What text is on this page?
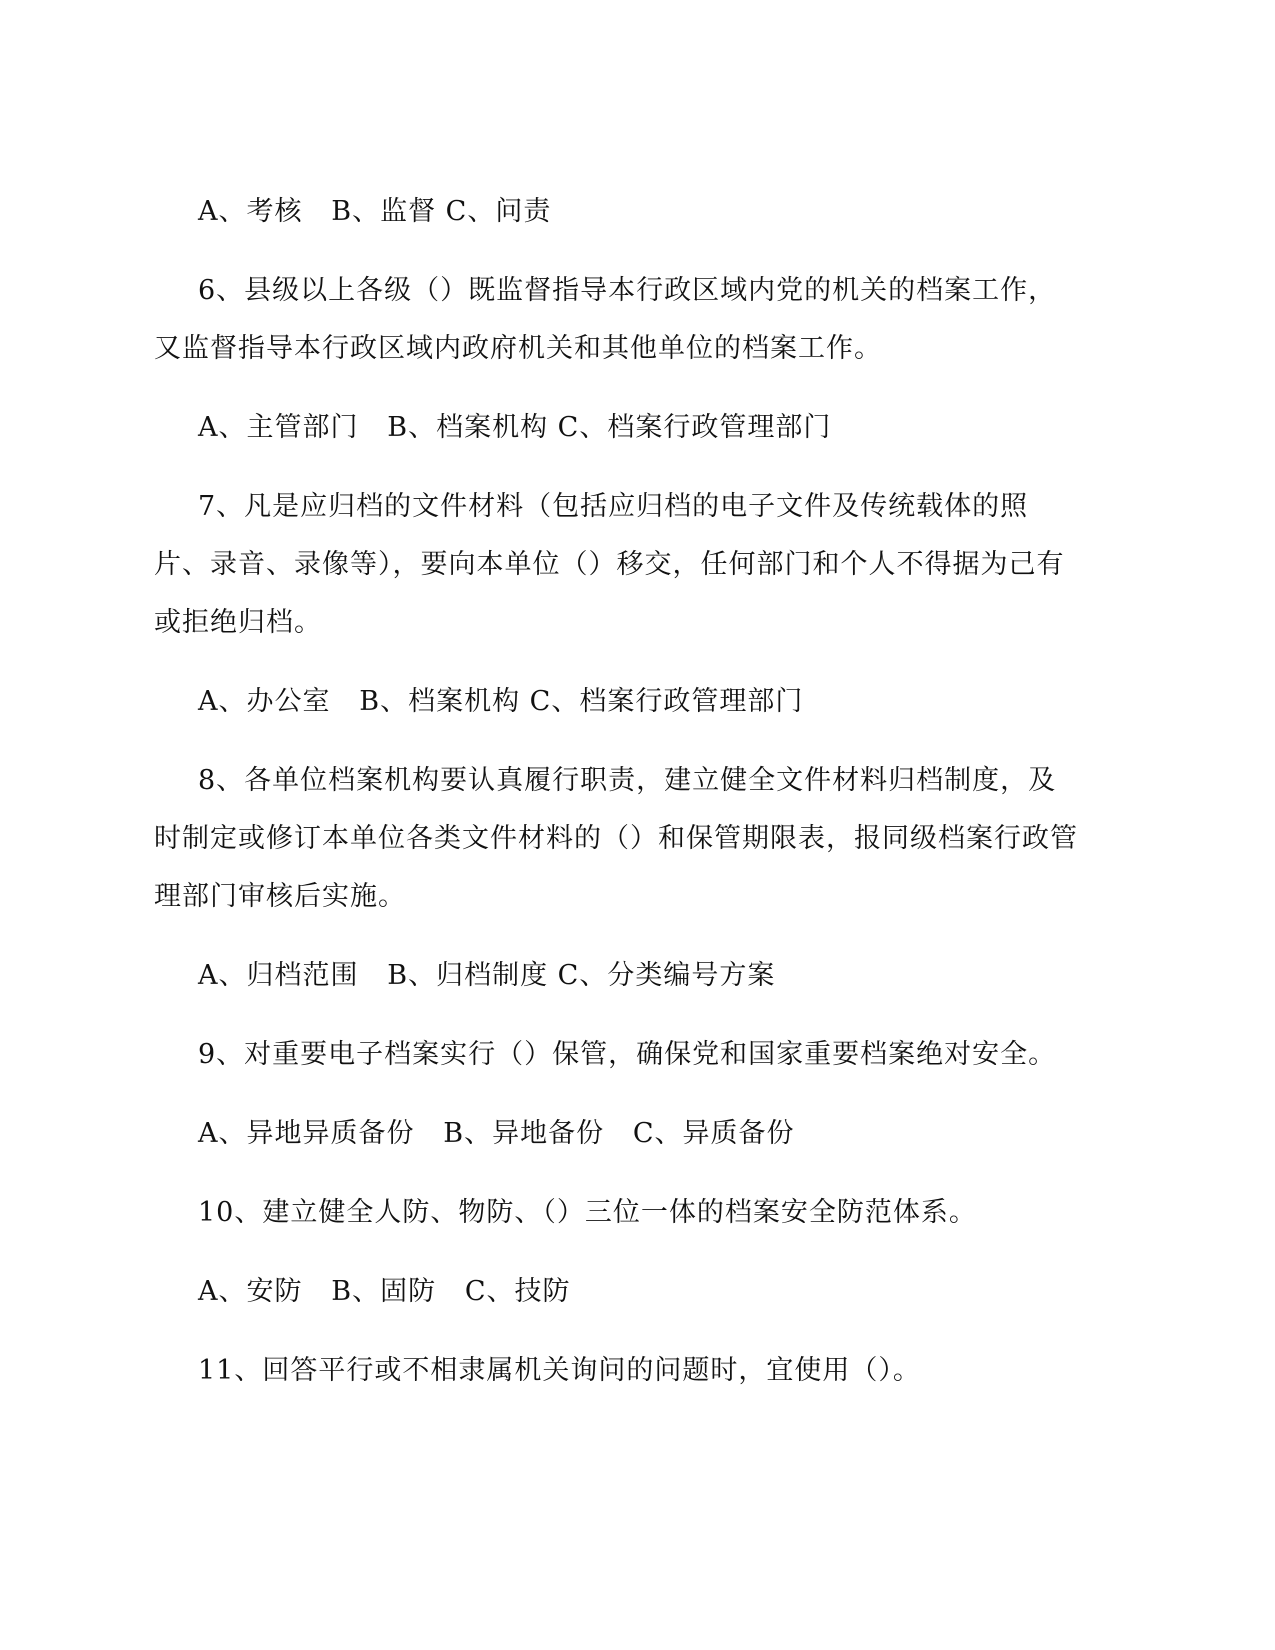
A、考核   B、监督 C、问责

6、县级以上各级（）既监督指导本行政区域内党的机关的档案工作，又监督指导本行政区域内政府机关和其他单位的档案工作。

A、主管部门   B、档案机构 C、档案行政管理部门

7、凡是应归档的文件材料（包括应归档的电子文件及传统载体的照片、录音、录像等），要向本单位（）移交，任何部门和个人不得据为己有或拒绝归档。

A、办公室   B、档案机构 C、档案行政管理部门

8、各单位档案机构要认真履行职责，建立健全文件材料归档制度，及时制定或修订本单位各类文件材料的（）和保管期限表，报同级档案行政管理部门审核后实施。

A、归档范围   B、归档制度 C、分类编号方案

9、对重要电子档案实行（）保管，确保党和国家重要档案绝对安全。

A、异地异质备份   B、异地备份   C、异质备份

10、建立健全人防、物防、（）三位一体的档案安全防范体系。

A、安防   B、固防   C、技防

11、回答平行或不相隶属机关询问的问题时，宜使用（）。
